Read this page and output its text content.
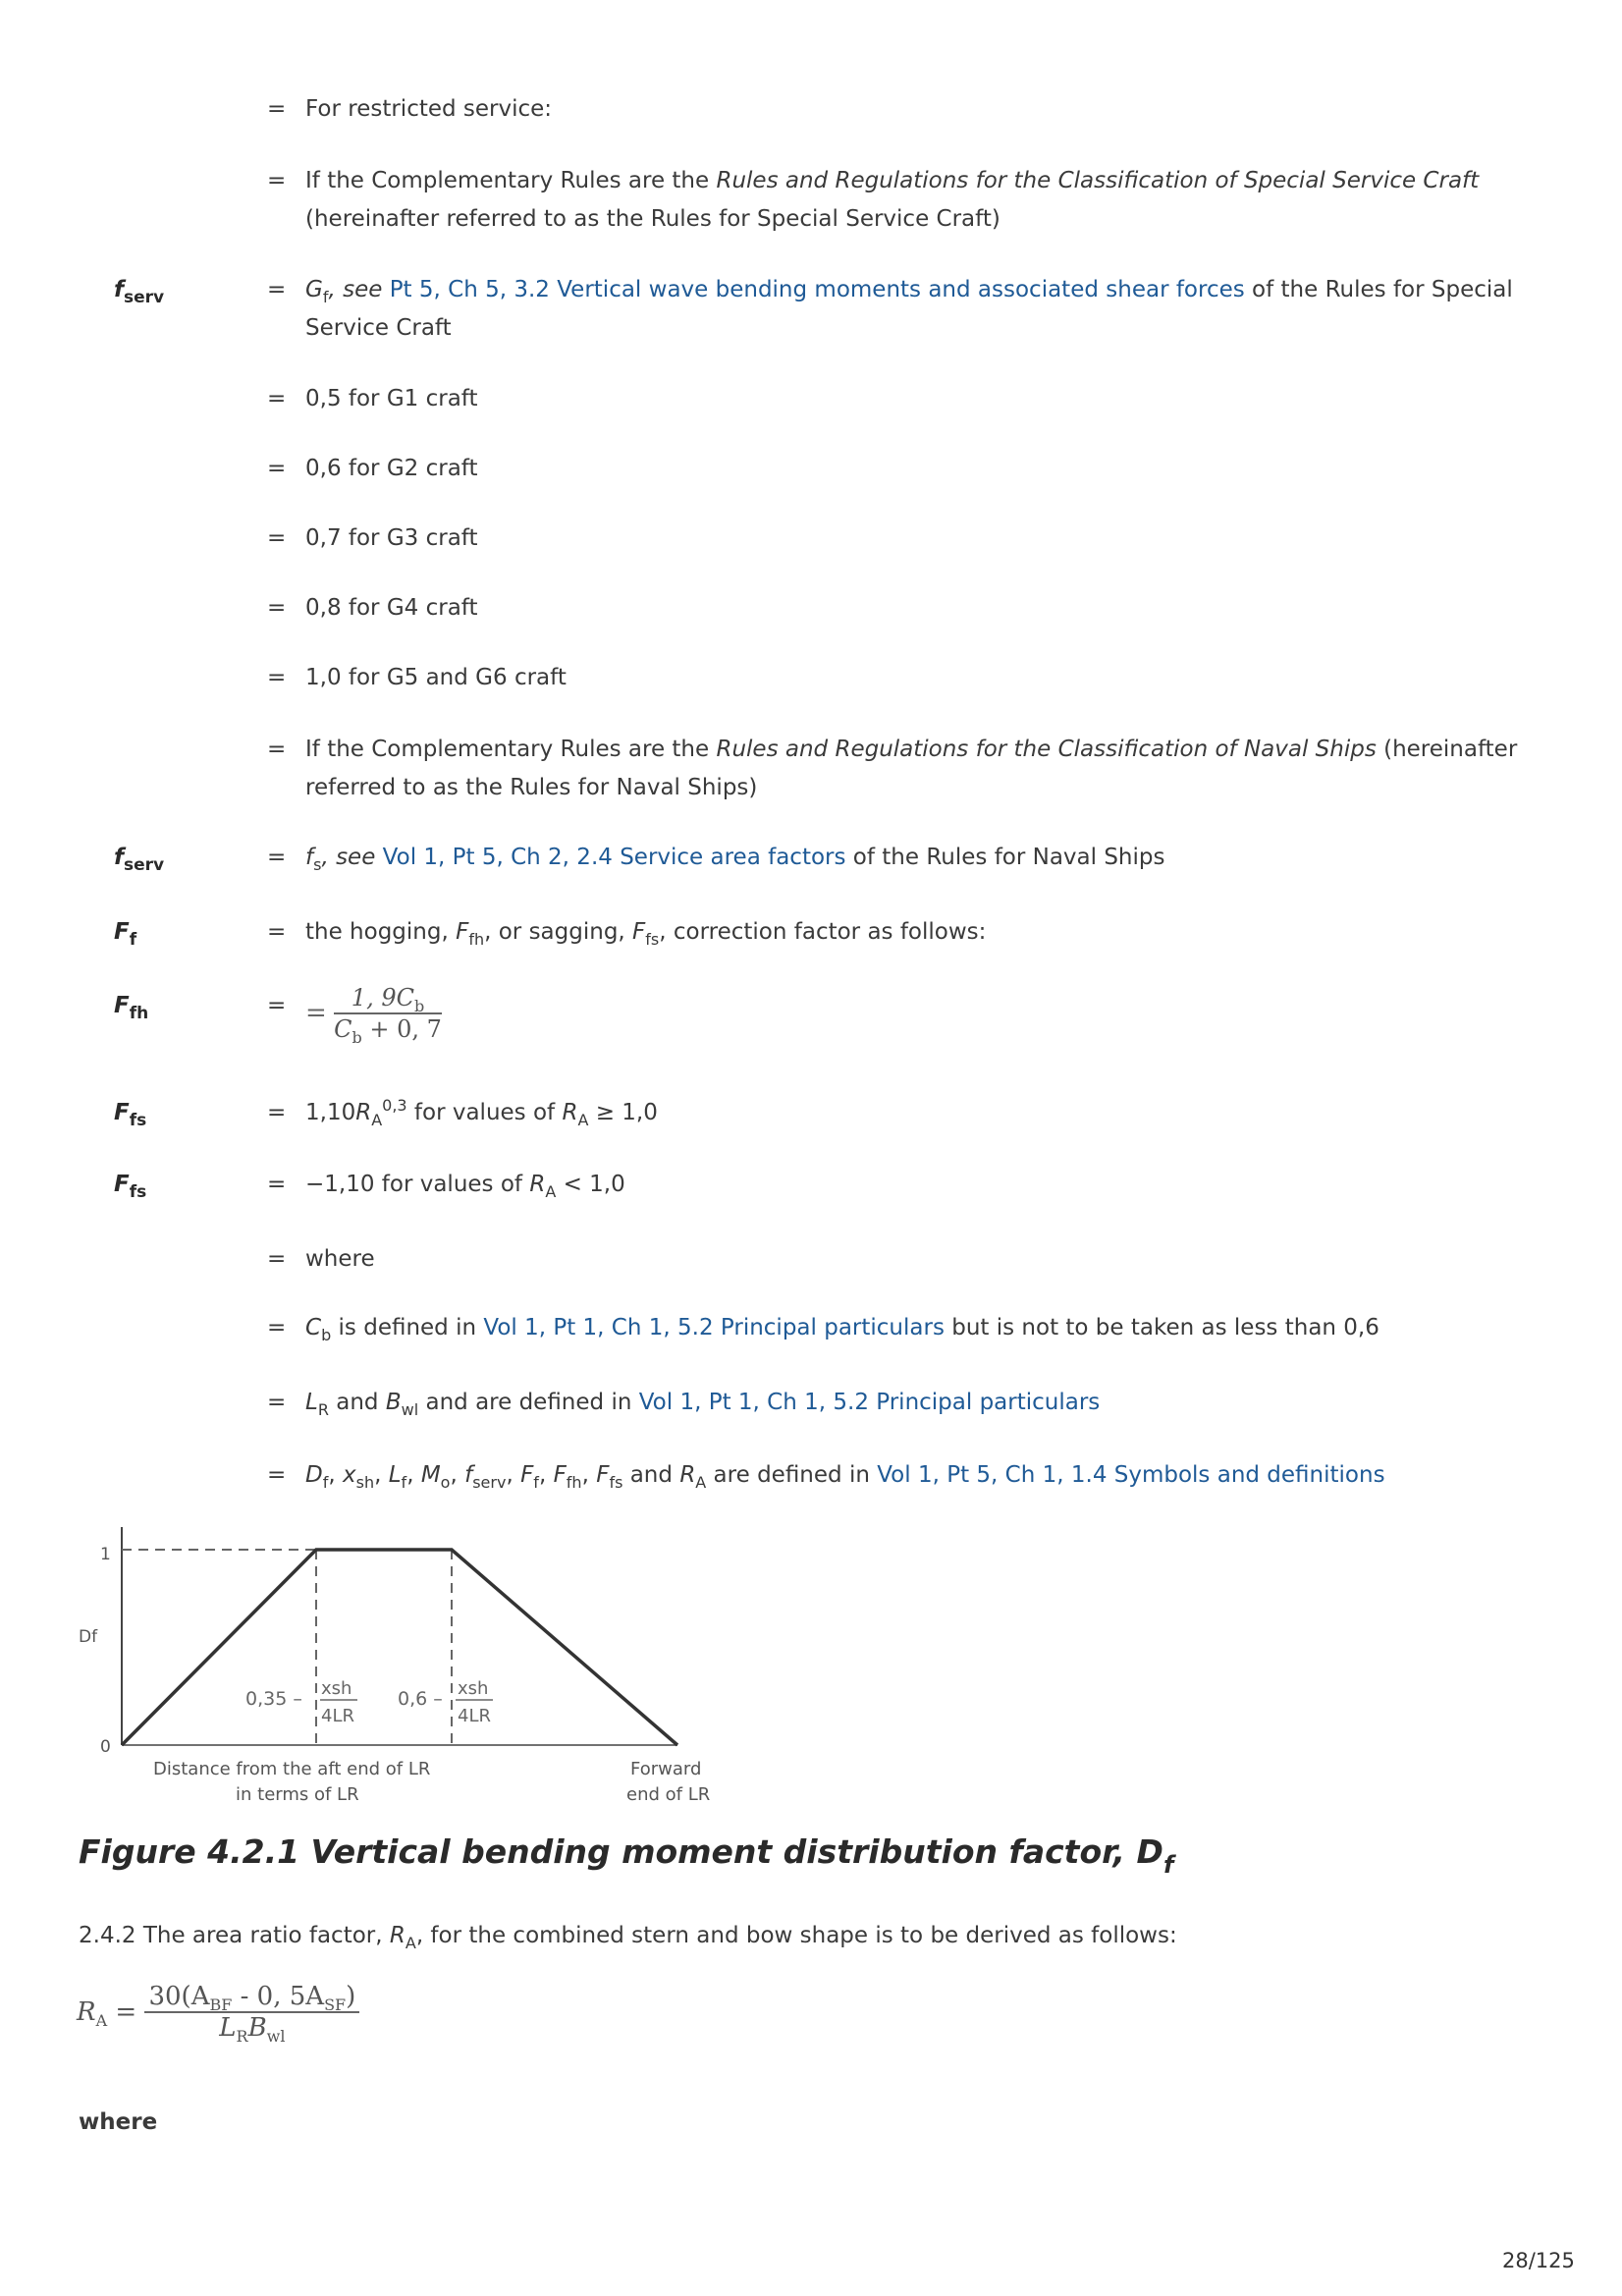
= For restricted service:
= If the Complementary Rules are the Rules and Regulations for the Classification of Special Service Craft (hereinafter referred to as the Rules for Special Service Craft)
$f_{serv}$	= $G_f$, see Pt 5, Ch 5, 3.2 Vertical wave bending moments and associated shear forces of the Rules for Special Service Craft
= 0,5 for G1 craft
= 0,6 for G2 craft
= 0,7 for G3 craft
= 0,8 for G4 craft
= 1,0 for G5 and G6 craft
= If the Complementary Rules are the Rules and Regulations for the Classification of Naval Ships (hereinafter referred to as the Rules for Naval Ships)
$f_{serv}$	= $f_s$, see Vol 1, Pt 5, Ch 2, 2.4 Service area factors of the Rules for Naval Ships
$F_f$	= the hogging, $F_{fh}$, or sagging, $F_{fs}$, correction factor as follows:
$F_{fh}$	= = $\frac{1, 9C_b}{C_b + 0, 7}$
$F_{fs}$	= $1,10R_A^{0,3}$ for values of $R_A \ge 1,0$
$F_{fs}$	= −1,10 for values of $R_A < 1,0$
= where
= $C_b$ is defined in Vol 1, Pt 1, Ch 1, 5.2 Principal particulars but is not to be taken as less than 0,6
= $L_R$ and $B_{wl}$ and are defined in Vol 1, Pt 1, Ch 1, 5.2 Principal particulars
= $D_f$, $x_{sh}$, $L_f$, $M_o$, $f_{serv}$, $F_f$, $F_{fh}$, $F_{fs}$ and $R_A$ are defined in Vol 1, Pt 5, Ch 1, 1.4 Symbols and definitions
1
0
Df
0,35 – xsh
4LR
0,6 – xsh
4LR
Distance from the aft end of LR
in terms of LR
Forward
end of LR
Figure 4.2.1 Vertical bending moment distribution factor, $D_f$
2.4.2 The area ratio factor, $R_A$, for the combined stern and bow shape is to be derived as follows:
$R_A = \frac{30(A_{BF} - 0, 5A_{SF})}{L_RB_{wl}}$
where
28/125
